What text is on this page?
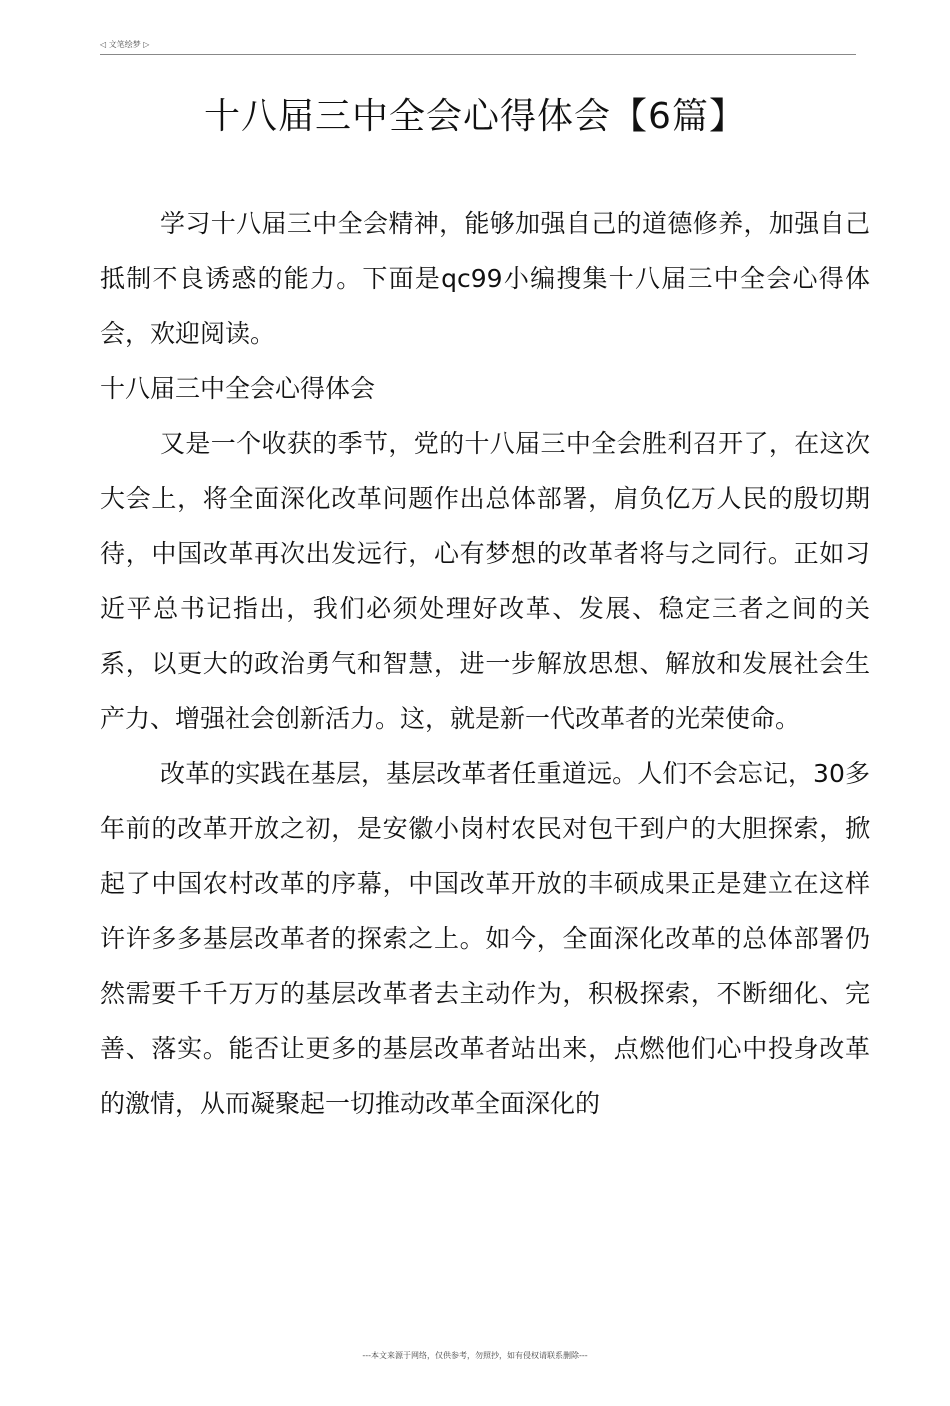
◁ 文笔绘梦 ▷
十八届三中全会心得体会【6篇】

学习十八届三中全会精神，能够加强自己的道德修养，加强自己抵制不良诱惑的能力。下面是qc99小编搜集十八届三中全会心得体会，欢迎阅读。

十八届三中全会心得体会

又是一个收获的季节，党的十八届三中全会胜利召开了，在这次大会上，将全面深化改革问题作出总体部署，肩负亿万人民的殷切期待，中国改革再次出发远行，心有梦想的改革者将与之同行。正如习近平总书记指出，我们必须处理好改革、发展、稳定三者之间的关系，以更大的政治勇气和智慧，进一步解放思想、解放和发展社会生产力、增强社会创新活力。这，就是新一代改革者的光荣使命。

改革的实践在基层，基层改革者任重道远。人们不会忘记，30多年前的改革开放之初，是安徽小岗村农民对包干到户的大胆探索，掀起了中国农村改革的序幕，中国改革开放的丰硕成果正是建立在这样许许多多基层改革者的探索之上。如今，全面深化改革的总体部署仍然需要千千万万的基层改革者去主动作为，积极探索，不断细化、完善、落实。能否让更多的基层改革者站出来，点燃他们心中投身改革的激情，从而凝聚起一切推动改革全面深化的

---本文来源于网络，仅供参考，勿照抄，如有侵权请联系删除---
